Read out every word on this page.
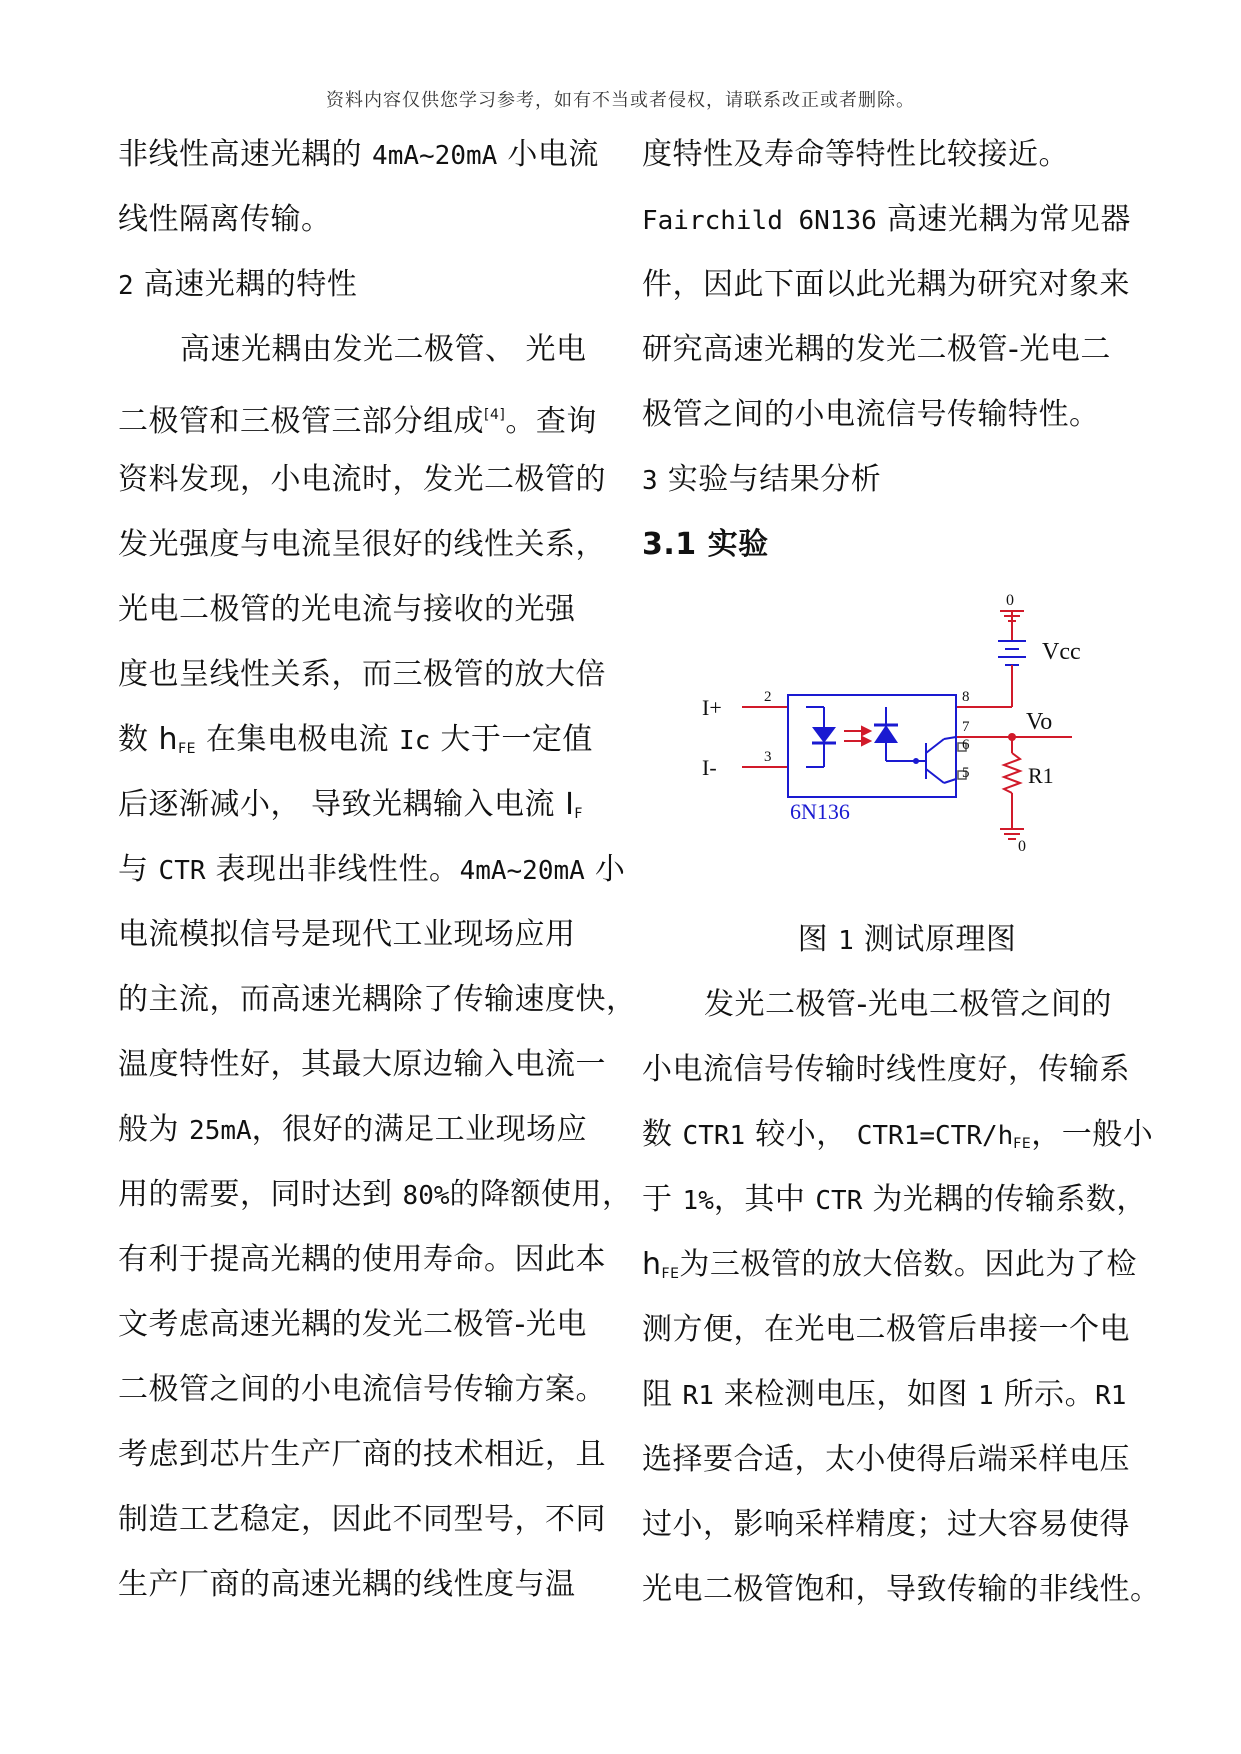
资料内容仅供您学习参考，如有不当或者侵权，请联系改正或者删除。
非线性高速光耦的 4mA~20mA 小电流
线性隔离传输。
2 高速光耦的特性
高速光耦由发光二极管、 光电
二极管和三极管三部分组成[4]。查询
资料发现，小电流时，发光二极管的
发光强度与电流呈很好的线性关系，
光电二极管的光电流与接收的光强
度也呈线性关系，而三极管的放大倍
数 $h_{FE}$ 在集电极电流 Ic 大于一定值
后逐渐减小， 导致光耦输入电流 $I_F$
与 CTR 表现出非线性性。4mA~20mA 小
电流模拟信号是现代工业现场应用
的主流，而高速光耦除了传输速度快，
温度特性好，其最大原边输入电流一
般为 25mA，很好的满足工业现场应
用的需要，同时达到 80%的降额使用，
有利于提高光耦的使用寿命。因此本
文考虑高速光耦的发光二极管-光电
二极管之间的小电流信号传输方案。
考虑到芯片生产厂商的技术相近，且
制造工艺稳定，因此不同型号，不同
生产厂商的高速光耦的线性度与温
度特性及寿命等特性比较接近。
Fairchild 6N136 高速光耦为常见器
件，因此下面以此光耦为研究对象来
研究高速光耦的发光二极管-光电二
极管之间的小电流信号传输特性。
3 实验与结果分析
3.1 实验
0
Vcc
I+
I-
2
3
8
7
6
5
Vo
R1
6N136
0
图 1 测试原理图
发光二极管-光电二极管之间的
小电流信号传输时线性度好，传输系
数 CTR1 较小， $CTR1=CTR/h_{FE}$，一般小
于 1%，其中 CTR 为光耦的传输系数，
$h_{FE}$为三极管的放大倍数。因此为了检
测方便，在光电二极管后串接一个电
阻 R1 来检测电压，如图 1 所示。R1
选择要合适，太小使得后端采样电压
过小，影响采样精度；过大容易使得
光电二极管饱和，导致传输的非线性。
